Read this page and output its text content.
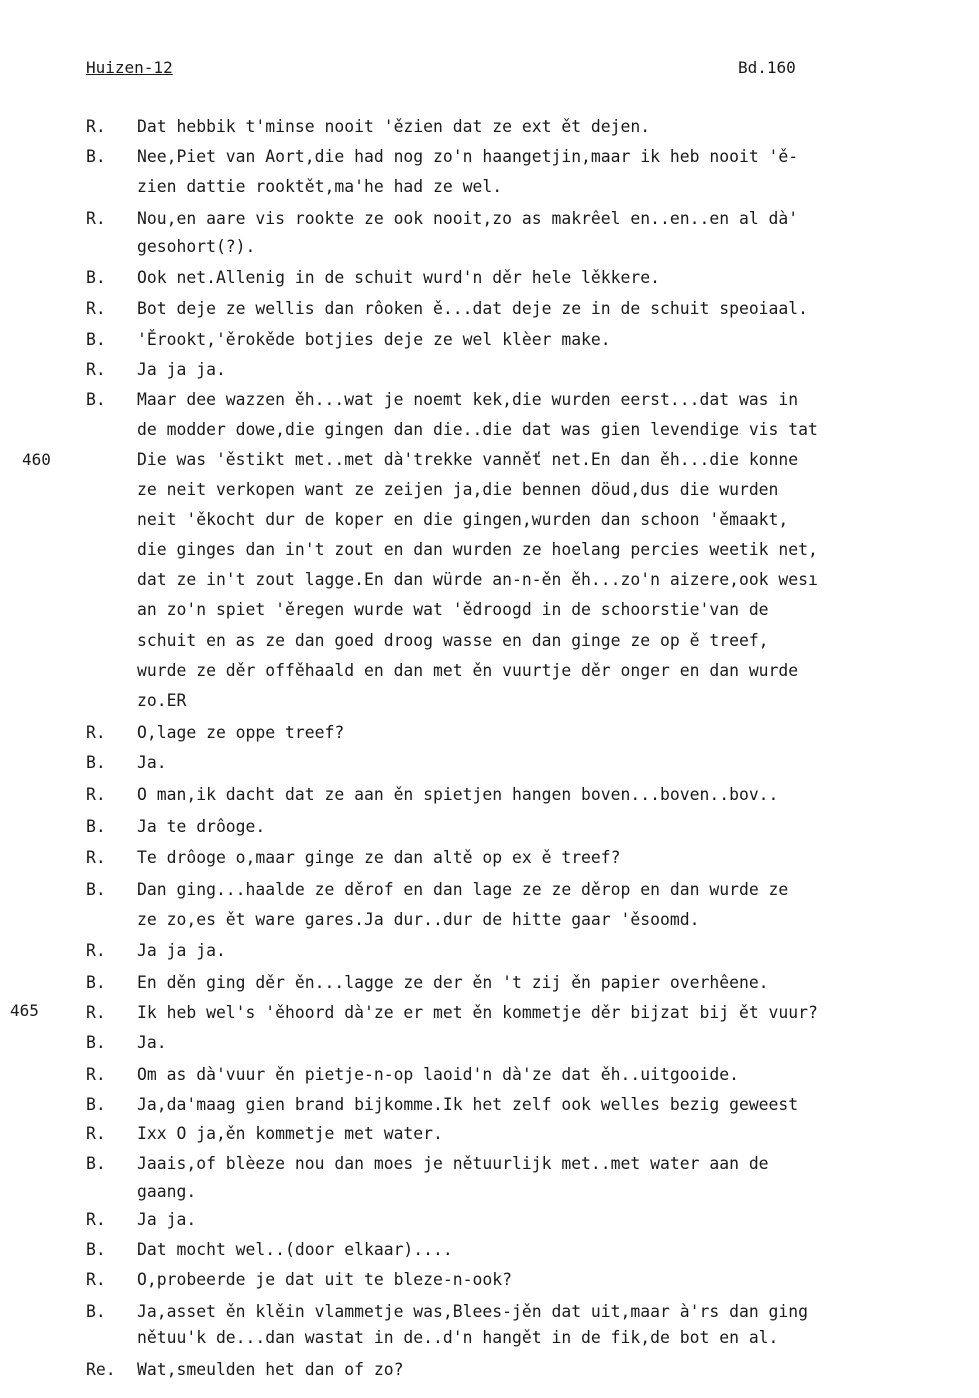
Huizen-12	Bd.160
460
465
R. Dat hebbik t'minse nooit 'ězien dat ze ext ět dejen.
B. Nee,Piet van Aort,die had nog zo'n haangetjin,maar ik heb nooit 'ě-
zien dattie rooktět,ma'he had ze wel.
R. Nou,en aare vis rookte ze ook nooit,zo as makrêel en..en..en al dà'
gesohort(?).
B. Ook net.Allenig in de schuit wurd'n děr hele lěkkere.
R. Bot deje ze wellis dan rôoken ě...dat deje ze in de schuit speoiaal.
B. 'Ěrookt,'ěrokěde botjies deje ze wel klèer make.
R. Ja ja ja.
B. Maar dee wazzen ěh...wat je noemt kek,die wurden eerst...dat was in
de modder dowe,die gingen dan die..die dat was gien levendige vis tat
Die was 'ěstikt met..met dà'trekke vanněť net.En dan ěh...die konne
ze neit verkopen want ze zeijen ja,die bennen döud,dus die wurden
neit 'ěkocht dur de koper en die gingen,wurden dan schoon 'ěmaakt,
die ginges dan in't zout en dan wurden ze hoelang percies weetik net,
dat ze in't zout lagge.En dan würde an-n-ěn ěh...zo'n aizere,ook wesı
an zo'n spiet 'ěregen wurde wat 'ědroogd in de schoorstie'van de
schuit en as ze dan goed droog wasse en dan ginge ze op ě treef,
wurde ze děr offěhaald en dan met ěn vuurtje děr onger en dan wurde
zo.ER
R. O,lage ze oppe treef?
B. Ja.
R. O man,ik dacht dat ze aan ěn spietjen hangen boven...boven..bov..
B. Ja te drôoge.
R. Te drôoge o,maar ginge ze dan altě op ex ě treef?
B. Dan ging...haalde ze děrof en dan lage ze ze děrop en dan wurde ze
ze zo,es ět ware gares.Ja dur..dur de hitte gaar 'ěsoomd.
R. Ja ja ja.
B. En děn ging děr ěn...lagge ze der ěn 't zij ěn papier overhêene.
R. Ik heb wel's 'ěhoord dà'ze er met ěn kommetje děr bijzat bij ět vuur?
B. Ja.
R. Om as dà'vuur ěn pietje-n-op laoid'n dà'ze dat ěh..uitgooide.
B. Ja,da'maag gien brand bijkomme.Ik het zelf ook welles bezig geweest
R. Ixx O ja,ěn kommetje met water.
B. Jaais,of blèeze nou dan moes je nětuurlijk met..met water aan de
gaang.
R. Ja ja.
B. Dat mocht wel..(door elkaar)....
R. O,probeerde je dat uit te bleze-n-ook?
B. Ja,asset ěn klěin vlammetje was,Blees-jěn dat uit,maar à'rs dan ging
nětuu'k de...dan wastat in de..d'n hangět in de fik,de bot en al.
Re. Wat,smeulden het dan of zo?
